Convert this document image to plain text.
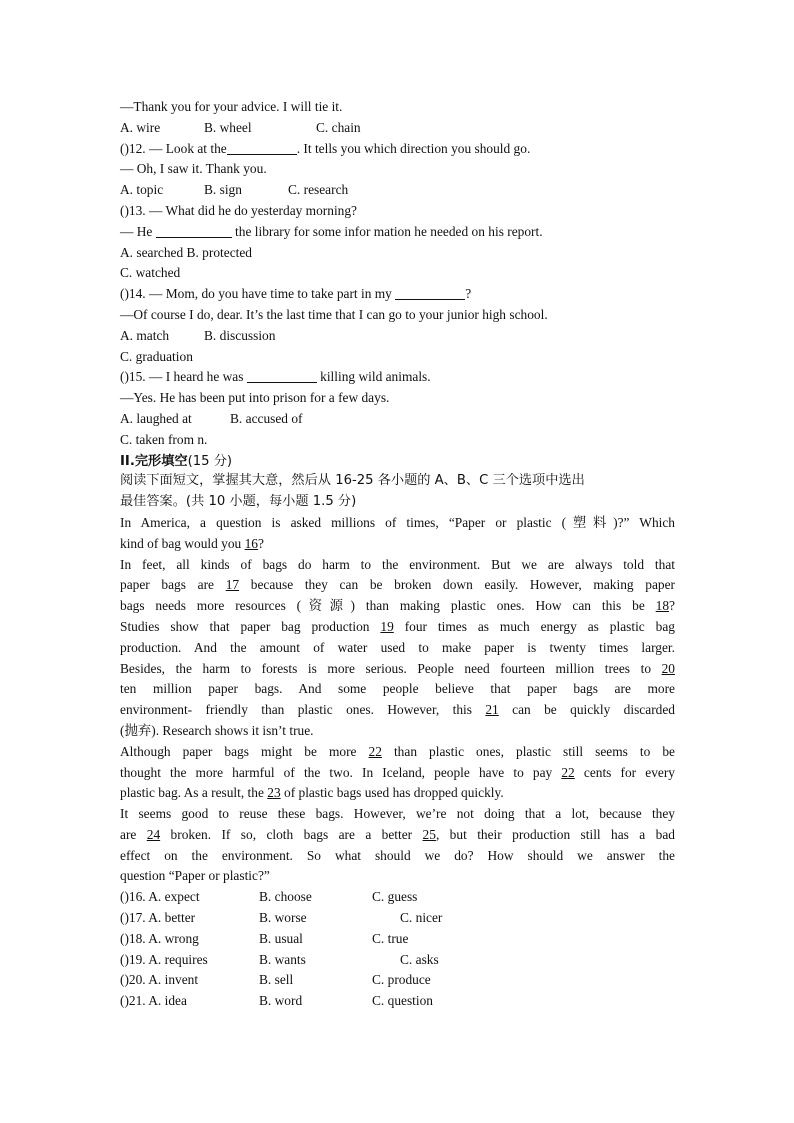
—Thank you for your advice. I will tie it.
A. wire	B. wheel	C. chain
()12. — Look at the	. It tells you which direction you should go.
— Oh, I saw it. Thank you.
A. topic	B. sign	C. research
()13. — What did he do yesterday morning?
— He	the library for some infor mation he needed on his report.
A. searched B. protected
C. watched
()14. — Mom, do you have time to take part in my	?
—Of course I do, dear. It’s the last time that I can go to your junior high school.
A. match	B. discussion
C. graduation
()15. — I heard he was	killing wild animals.
—Yes. He has been put into prison for a few days.
A. laughed at	B. accused of
C. taken from n.
II.完形填空(15 分)
阅读下面短文，掌握其大意，然后从 16-25 各小题的 A、B、C 三个选项中选出
最佳答案。(共 10 小题，每小题 1.5 分)
In America, a question is asked millions of times, “Paper or plastic (塑料)?” Which
kind of bag would you 16?
In feet, all kinds of bags do harm to the environment. But we are always told that
paper bags are 17 because they can be broken down easily. However, making paper
bags needs more resources (资源) than making plastic ones. How can this be 18?
Studies show that paper bag production 19 four times as much energy as plastic bag
production. And the amount of water used to make paper is twenty times larger.
Besides, the harm to forests is more serious. People need fourteen million trees to 20
ten million paper bags. And some people believe that paper bags are more
environment- friendly than plastic ones. However, this 21 can be quickly discarded
(抛弃). Research shows it isn’t true.
Although paper bags might be more 22 than plastic ones, plastic still seems to be
thought the more harmful of the two. In Iceland, people have to pay 22 cents for every
plastic bag. As a result, the 23 of plastic bags used has dropped quickly.
It seems good to reuse these bags. However, we’re not doing that a lot, because they
are 24 broken. If so, cloth bags are a better 25, but their production still has a bad
effect on the environment. So what should we do? How should we answer the
question “Paper or plastic?”
()16. A. expect	B. choose	C. guess
()17. A. better	B. worse	C. nicer
()18. A. wrong	B. usual	C. true
()19. A. requires	B. wants	C. asks
()20. A. invent	B. sell	C. produce
()21. A. idea	B. word	C. question
